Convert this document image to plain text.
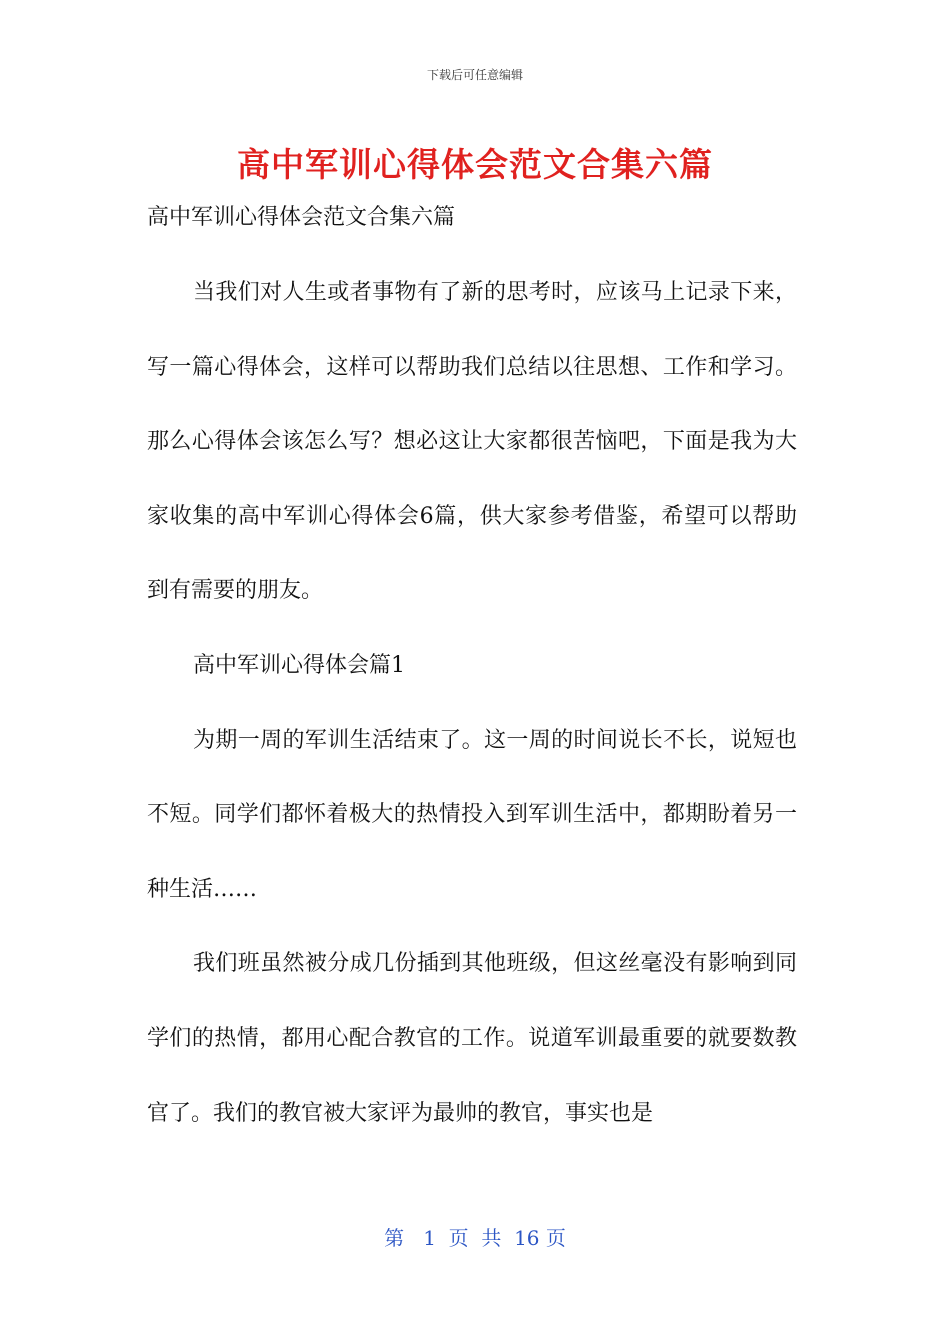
下载后可任意编辑
高中军训心得体会范文合集六篇

高中军训心得体会范文合集六篇

当我们对人生或者事物有了新的思考时，应该马上记录下来，写一篇心得体会，这样可以帮助我们总结以往思想、工作和学习。那么心得体会该怎么写？想必这让大家都很苦恼吧，下面是我为大家收集的高中军训心得体会6篇，供大家参考借鉴，希望可以帮助到有需要的朋友。

高中军训心得体会篇1

为期一周的军训生活结束了。这一周的时间说长不长，说短也不短。同学们都怀着极大的热情投入到军训生活中，都期盼着另一种生活……

我们班虽然被分成几份插到其他班级，但这丝毫没有影响到同学们的热情，都用心配合教官的工作。说道军训最重要的就要数教官了。我们的教官被大家评为最帅的教官，事实也是

第   1  页  共  16 页
